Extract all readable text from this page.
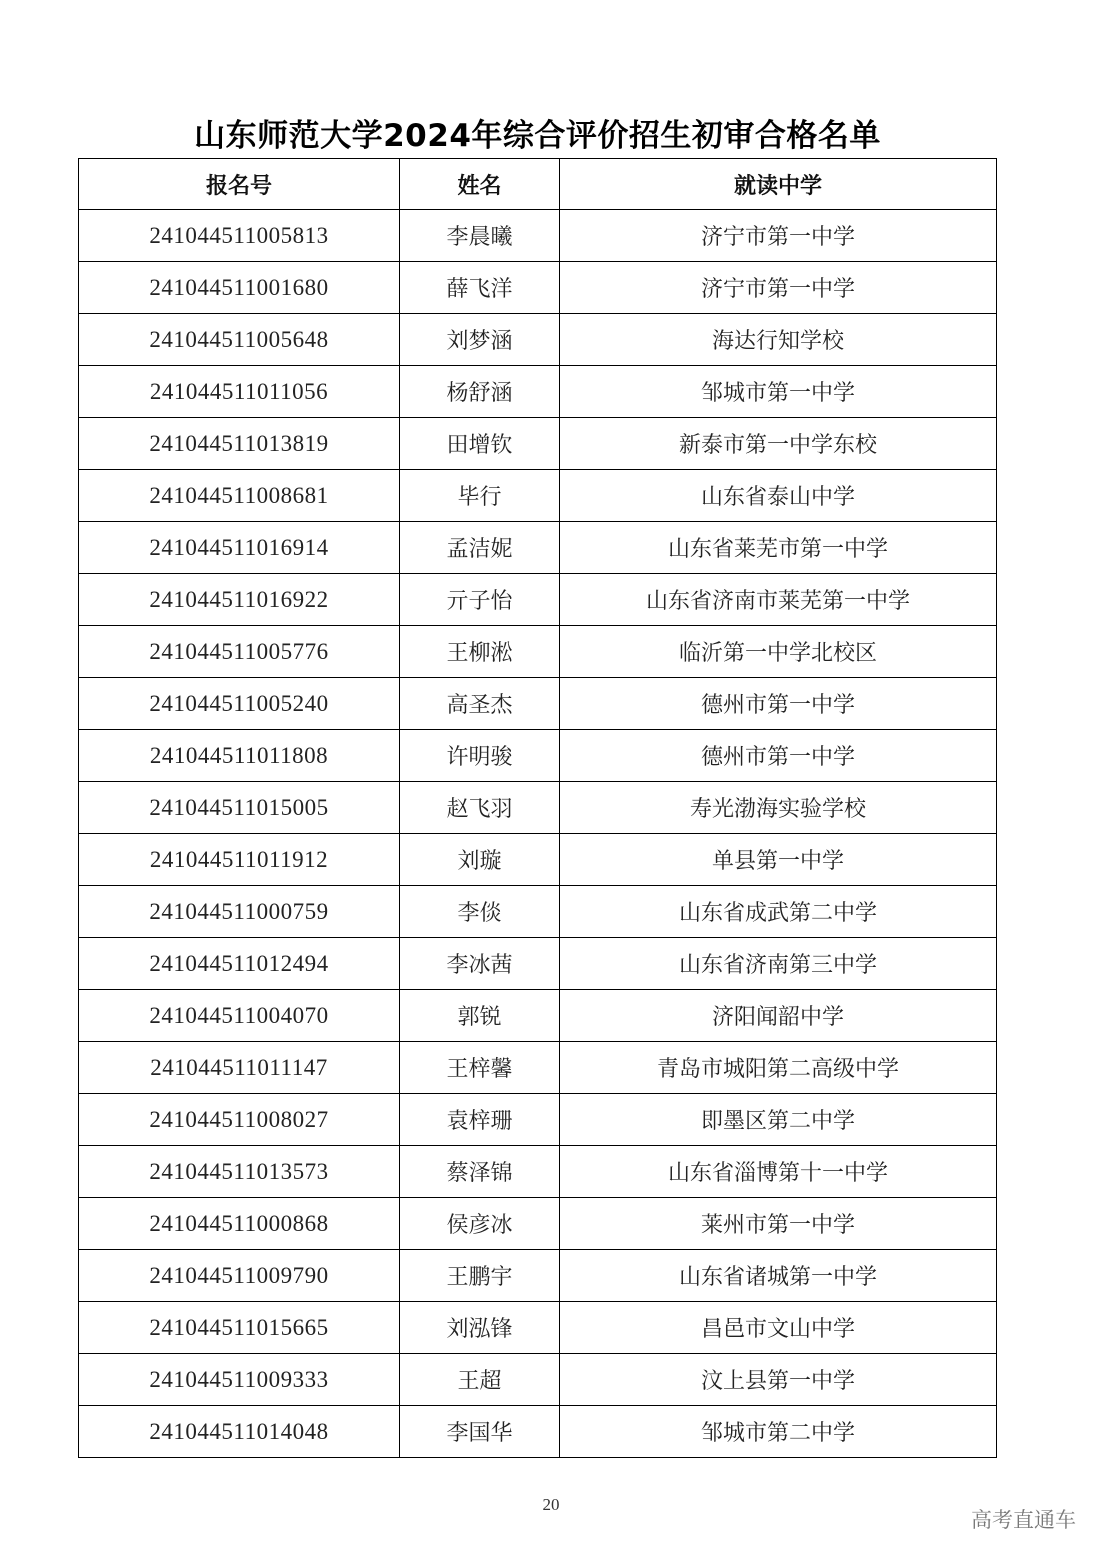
山东师范大学2024年综合评价招生初审合格名单
报名号	姓名	就读中学
241044511005813	李晨曦	济宁市第一中学
241044511001680	薛飞洋	济宁市第一中学
241044511005648	刘梦涵	海达行知学校
241044511011056	杨舒涵	邹城市第一中学
241044511013819	田增钦	新泰市第一中学东校
241044511008681	毕行	山东省泰山中学
241044511016914	孟洁妮	山东省莱芜市第一中学
241044511016922	亓子怡	山东省济南市莱芜第一中学
241044511005776	王柳淞	临沂第一中学北校区
241044511005240	高圣杰	德州市第一中学
241044511011808	许明骏	德州市第一中学
241044511015005	赵飞羽	寿光渤海实验学校
241044511011912	刘璇	单县第一中学
241044511000759	李倓	山东省成武第二中学
241044511012494	李冰茜	山东省济南第三中学
241044511004070	郭锐	济阳闻韶中学
241044511011147	王梓馨	青岛市城阳第二高级中学
241044511008027	袁梓珊	即墨区第二中学
241044511013573	蔡泽锦	山东省淄博第十一中学
241044511000868	侯彦冰	莱州市第一中学
241044511009790	王鹏宇	山东省诸城第一中学
241044511015665	刘泓锋	昌邑市文山中学
241044511009333	王超	汶上县第一中学
241044511014048	李国华	邹城市第二中学
20
高考直通车
